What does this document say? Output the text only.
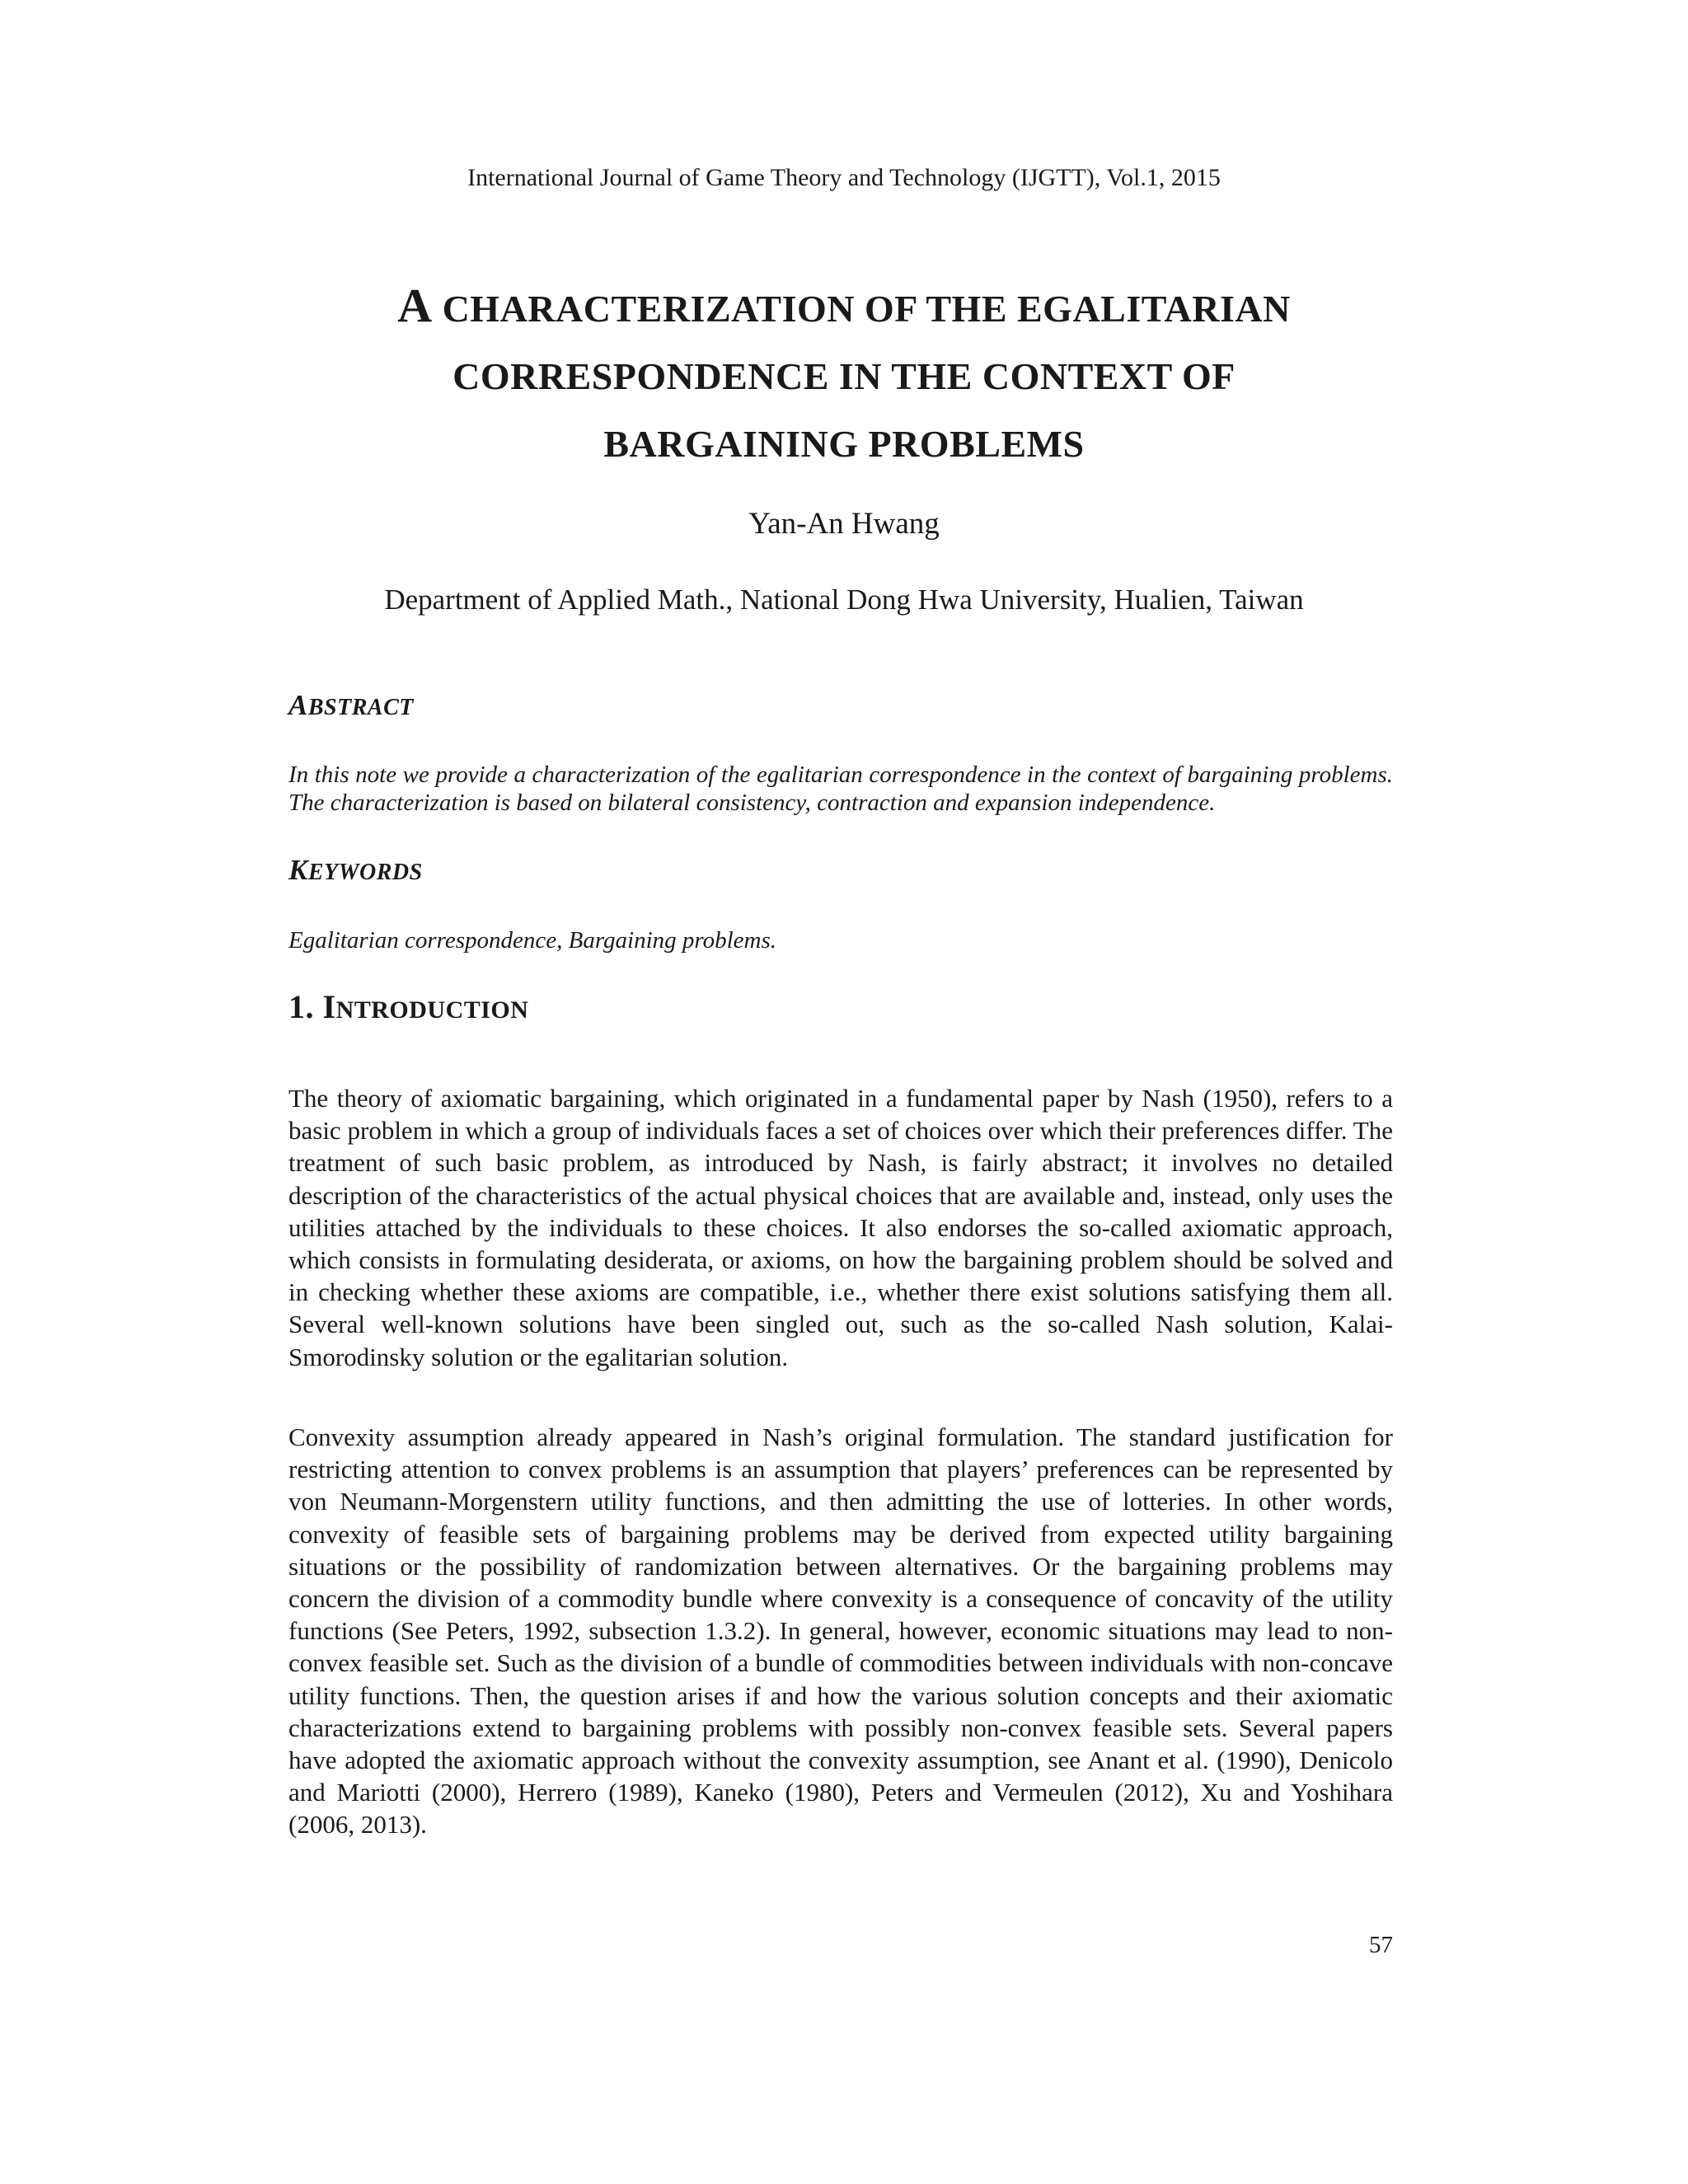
International Journal of Game Theory and Technology (IJGTT), Vol.1, 2015
A CHARACTERIZATION OF THE EGALITARIAN
CORRESPONDENCE IN THE CONTEXT OF
BARGAINING PROBLEMS
Yan-An Hwang
Department of Applied Math., National Dong Hwa University, Hualien, Taiwan
ABSTRACT
In this note we provide a characterization of the egalitarian correspondence in the context of bargaining problems. The characterization is based on bilateral consistency, contraction and expansion independence.
KEYWORDS
Egalitarian correspondence, Bargaining problems.
1. INTRODUCTION
The theory of axiomatic bargaining, which originated in a fundamental paper by Nash (1950), refers to a basic problem in which a group of individuals faces a set of choices over which their preferences differ. The treatment of such basic problem, as introduced by Nash, is fairly abstract; it involves no detailed description of the characteristics of the actual physical choices that are available and, instead, only uses the utilities attached by the individuals to these choices. It also endorses the so-called axiomatic approach, which consists in formulating desiderata, or axioms, on how the bargaining problem should be solved and in checking whether these axioms are compatible, i.e., whether there exist solutions satisfying them all. Several well-known solutions have been singled out, such as the so-called Nash solution, Kalai-Smorodinsky solution or the egalitarian solution.
Convexity assumption already appeared in Nash’s original formulation. The standard justification for restricting attention to convex problems is an assumption that players’ preferences can be represented by von Neumann-Morgenstern utility functions, and then admitting the use of lotteries. In other words, convexity of feasible sets of bargaining problems may be derived from expected utility bargaining situations or the possibility of randomization between alternatives. Or the bargaining problems may concern the division of a commodity bundle where convexity is a consequence of concavity of the utility functions (See Peters, 1992, subsection 1.3.2). In general, however, economic situations may lead to non-convex feasible set. Such as the division of a bundle of commodities between individuals with non-concave utility functions. Then, the question arises if and how the various solution concepts and their axiomatic characterizations extend to bargaining problems with possibly non-convex feasible sets. Several papers have adopted the axiomatic approach without the convexity assumption, see Anant et al. (1990), Denicolo and Mariotti (2000), Herrero (1989), Kaneko (1980), Peters and Vermeulen (2012), Xu and Yoshihara (2006, 2013).
57
